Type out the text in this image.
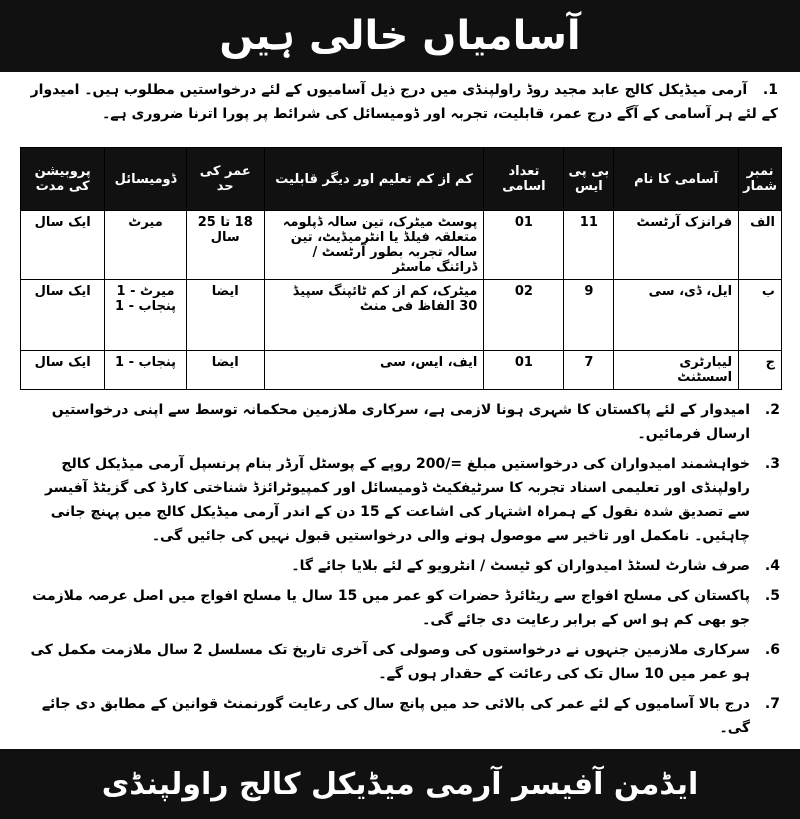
آسامیاں خالی ہیں
1. آرمی میڈیکل کالج عابد مجید روڈ راولپنڈی میں درج ذیل آسامیوں کے لئے درخواستیں مطلوب ہیں۔ امیدوار کے لئے ہر آسامی کے آگے درج عمر، قابلیت، تجربہ اور ڈومیسائل کی شرائط پر پورا اترنا ضروری ہے۔
نمبر شمار	آسامی کا نام	بی پی ایس	تعداد اسامی	کم از کم تعلیم اور دیگر قابلیت	عمر کی حد	ڈومیسائل	پروبیشن کی مدت
الف	فرانزک آرٹسٹ	11	01	پوسٹ میٹرک، تین سالہ ڈپلومہ متعلقہ فیلڈ یا انٹرمیڈیٹ، تین سالہ تجربہ بطور آرٹسٹ / ڈرائنگ ماسٹر	18 تا 25 سال	میرٹ	ایک سال
ب	ایل، ڈی، سی	9	02	میٹرک، کم از کم ٹائپنگ سپیڈ 30 الفاظ فی منٹ	ایضا	میرٹ - 1 پنجاب - 1	ایک سال
ج	لیبارٹری اسسٹنٹ	7	01	ایف، ایس، سی	ایضا	پنجاب - 1	ایک سال
2.
امیدوار کے لئے پاکستان کا شہری ہونا لازمی ہے، سرکاری ملازمین محکمانہ توسط سے اپنی درخواستیں ارسال فرمائیں۔
3.
خواہشمند امیدواران کی درخواستیں مبلغ =/200 روپے کے پوسٹل آرڈر بنام پرنسپل آرمی میڈیکل کالج راولپنڈی اور تعلیمی اسناد تجربہ کا سرٹیفکیٹ ڈومیسائل اور کمپیوٹرائزڈ شناختی کارڈ کی گزیٹڈ آفیسر سے تصدیق شدہ نقول کے ہمراہ اشتہار کی اشاعت کے 15 دن کے اندر آرمی میڈیکل کالج میں پہنچ جانی چاہئیں۔ نامکمل اور تاخیر سے موصول ہونے والی درخواستیں قبول نہیں کی جائیں گی۔
4.
صرف شارٹ لسٹڈ امیدواران کو ٹیسٹ / انٹرویو کے لئے بلایا جائے گا۔
5.
پاکستان کی مسلح افواج سے ریٹائرڈ حضرات کو عمر میں 15 سال یا مسلح افواج میں اصل عرصہ ملازمت جو بھی کم ہو اس کے برابر رعایت دی جائے گی۔
6.
سرکاری ملازمین جنہوں نے درخواستوں کی وصولی کی آخری تاریخ تک مسلسل 2 سال ملازمت مکمل کی ہو عمر میں 10 سال تک کی رعائت کے حقدار ہوں گے۔
7.
درج بالا آسامیوں کے لئے عمر کی بالائی حد میں پانچ سال کی رعایت گورنمنٹ قوانین کے مطابق دی جائے گی۔
ایڈمن آفیسر آرمی میڈیکل کالج راولپنڈی
